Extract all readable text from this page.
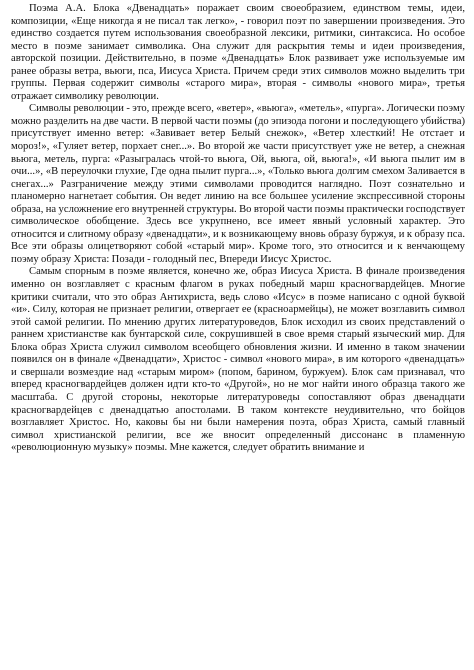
Поэма А.А. Блока «Двенадцать» поражает своим своеобразием, единством темы, идеи, композиции, «Еще никогда я не писал так легко», - говорил поэт по завершении произведения. Это единство создается путем использования своеобразной лексики, ритмики, синтаксиса. Но особое место в поэме занимает символика. Она служит для раскрытия темы и идеи произведения, авторской позиции. Действительно, в поэме «Двенадцать» Блок развивает уже используемые им ранее образы ветра, вьюги, пса, Иисуса Христа. Причем среди этих символов можно выделить три группы. Первая содержит символы «старого мира», вторая - символы «нового мира», третья отражает символику революции.

Символы революции - это, прежде всего, «ветер», «вьюга», «метель», «пурга». Логически поэму можно разделить на две части. В первой части поэмы (до эпизода погони и последующего убийства) присутствует именно ветер: «Завивает ветер Белый снежок», «Ветер хлесткий! Не отстает и мороз!», «Гуляет ветер, порхает снег...». Во второй же части присутствует уже не ветер, а снежная вьюга, метель, пурга: «Разыгралась чтой-то вьюга, Ой, вьюга, ой, вьюга!», «И вьюга пылит им в очи...», «В переулочки глухие, Где одна пылит пурга...», «Только вьюга долгим смехом Заливается в снегах...» Разграничение между этими символами проводится наглядно. Поэт сознательно и планомерно нагнетает события. Он ведет линию на все большее усиление экспрессивной стороны образа, на усложнение его внутренней структуры. Во второй части поэмы практически господствует символическое обобщение. Здесь все укрупнено, все имеет явный условный характер. Это относится и слитному образу «двенадцати», и к возникающему вновь образу буржуя, и к образу пса. Все эти образы олицетворяют собой «старый мир». Кроме того, это относится и к венчающему поэму образу Христа: Позади - голодный пес, Впереди Иисус Христос.

Самым спорным в поэме является, конечно же, образ Иисуса Христа. В финале произведения именно он возглавляет с красным флагом в руках победный марш красногвардейцев. Многие критики считали, что это образ Антихриста, ведь слово «Исус» в поэме написано с одной буквой «и». Силу, которая не признает религии, отвергает ее (красноармейцы), не может возглавить символ этой самой религии. По мнению других литературоведов, Блок исходил из своих представлений о раннем христианстве как бунтарской силе, сокрушившей в свое время старый языческий мир. Для Блока образ Христа служил символом всеобщего обновления жизни. И именно в таком значении появился он в финале «Двенадцати», Христос - символ «нового мира», в им которого «двенадцать» и свершали возмездие над «старым миром» (попом, барином, буржуем). Блок сам признавал, что вперед красногвардейцев должен идти кто-то «Другой», но не мог найти иного образца такого же масштаба. С другой стороны, некоторые литературоведы сопоставляют образ двенадцати красногвардейцев с двенадцатью апостолами. В таком контексте неудивительно, что бойцов возглавляет Христос. Но, каковы бы ни были намерения поэта, образ Христа, самый главный символ христианской религии, все же вносит определенный диссонанс в пламенную «революционную музыку» поэмы. Мне кажется, следует обратить внимание и
